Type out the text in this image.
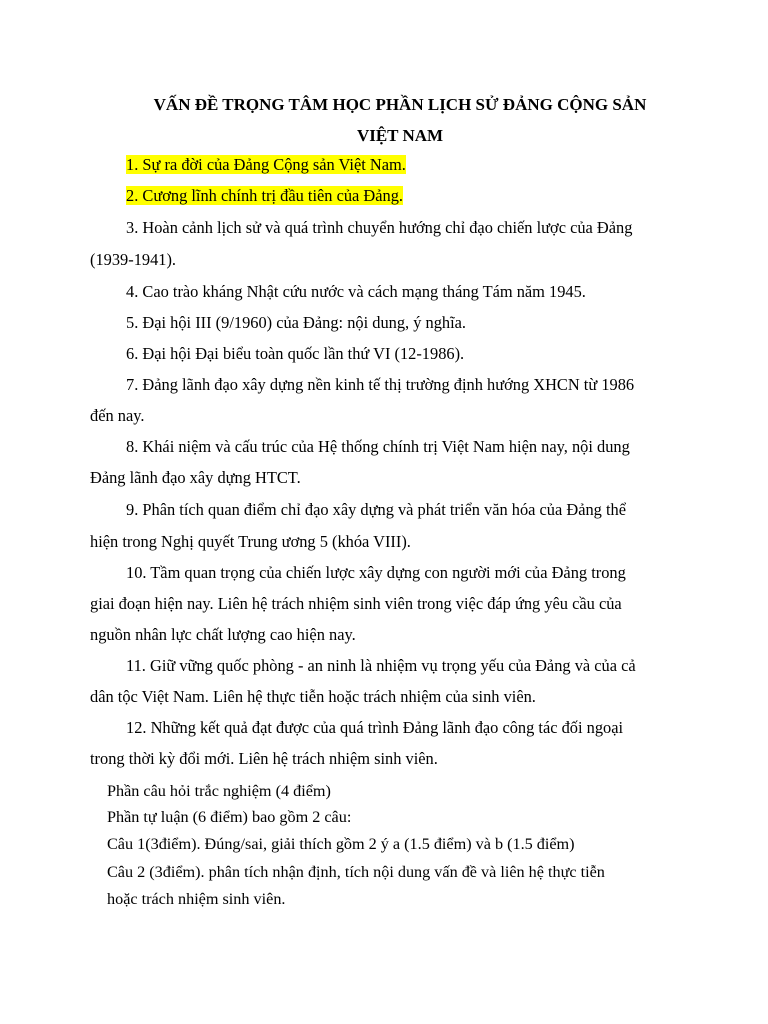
VẤN ĐỀ TRỌNG TÂM HỌC PHẦN LỊCH SỬ ĐẢNG CỘNG SẢN
VIỆT NAM
1. Sự ra đời của Đảng Cộng sản Việt Nam.
2. Cương lĩnh chính trị đầu tiên của Đảng.
3. Hoàn cảnh lịch sử và quá trình chuyển hướng chỉ đạo chiến lược của Đảng
(1939-1941).
4. Cao trào kháng Nhật cứu nước và cách mạng tháng Tám năm 1945.
5. Đại hội III (9/1960) của Đảng: nội dung, ý nghĩa.
6. Đại hội Đại biểu toàn quốc lần thứ VI (12-1986).
7. Đảng lãnh đạo xây dựng nền kinh tế thị trường định hướng XHCN từ 1986
đến nay.
8. Khái niệm và cấu trúc của Hệ thống chính trị Việt Nam hiện nay, nội dung
Đảng lãnh đạo xây dựng HTCT.
9. Phân tích quan điểm chỉ đạo xây dựng và phát triển văn hóa của Đảng thể
hiện trong Nghị quyết Trung ương 5 (khóa VIII).
10. Tầm quan trọng của chiến lược xây dựng con người mới của Đảng trong
giai đoạn hiện nay. Liên hệ trách nhiệm sinh viên trong việc đáp ứng yêu cầu của
nguồn nhân lực chất lượng cao hiện nay.
11. Giữ vững quốc phòng - an ninh là nhiệm vụ trọng yếu của Đảng và của cả
dân tộc Việt Nam. Liên hệ thực tiễn hoặc trách nhiệm của sinh viên.
12. Những kết quả đạt được của quá trình Đảng lãnh đạo công tác đối ngoại
trong thời kỳ đổi mới. Liên hệ trách nhiệm sinh viên.
Phần câu hỏi trắc nghiệm (4 điểm)
Phần tự luận (6 điểm) bao gồm 2 câu:
Câu 1(3điểm). Đúng/sai, giải thích gồm 2 ý a (1.5 điểm) và b (1.5 điểm)
Câu 2 (3điểm). phân tích nhận định, tích nội dung vấn đề và liên hệ thực tiễn
hoặc trách nhiệm sinh viên.
